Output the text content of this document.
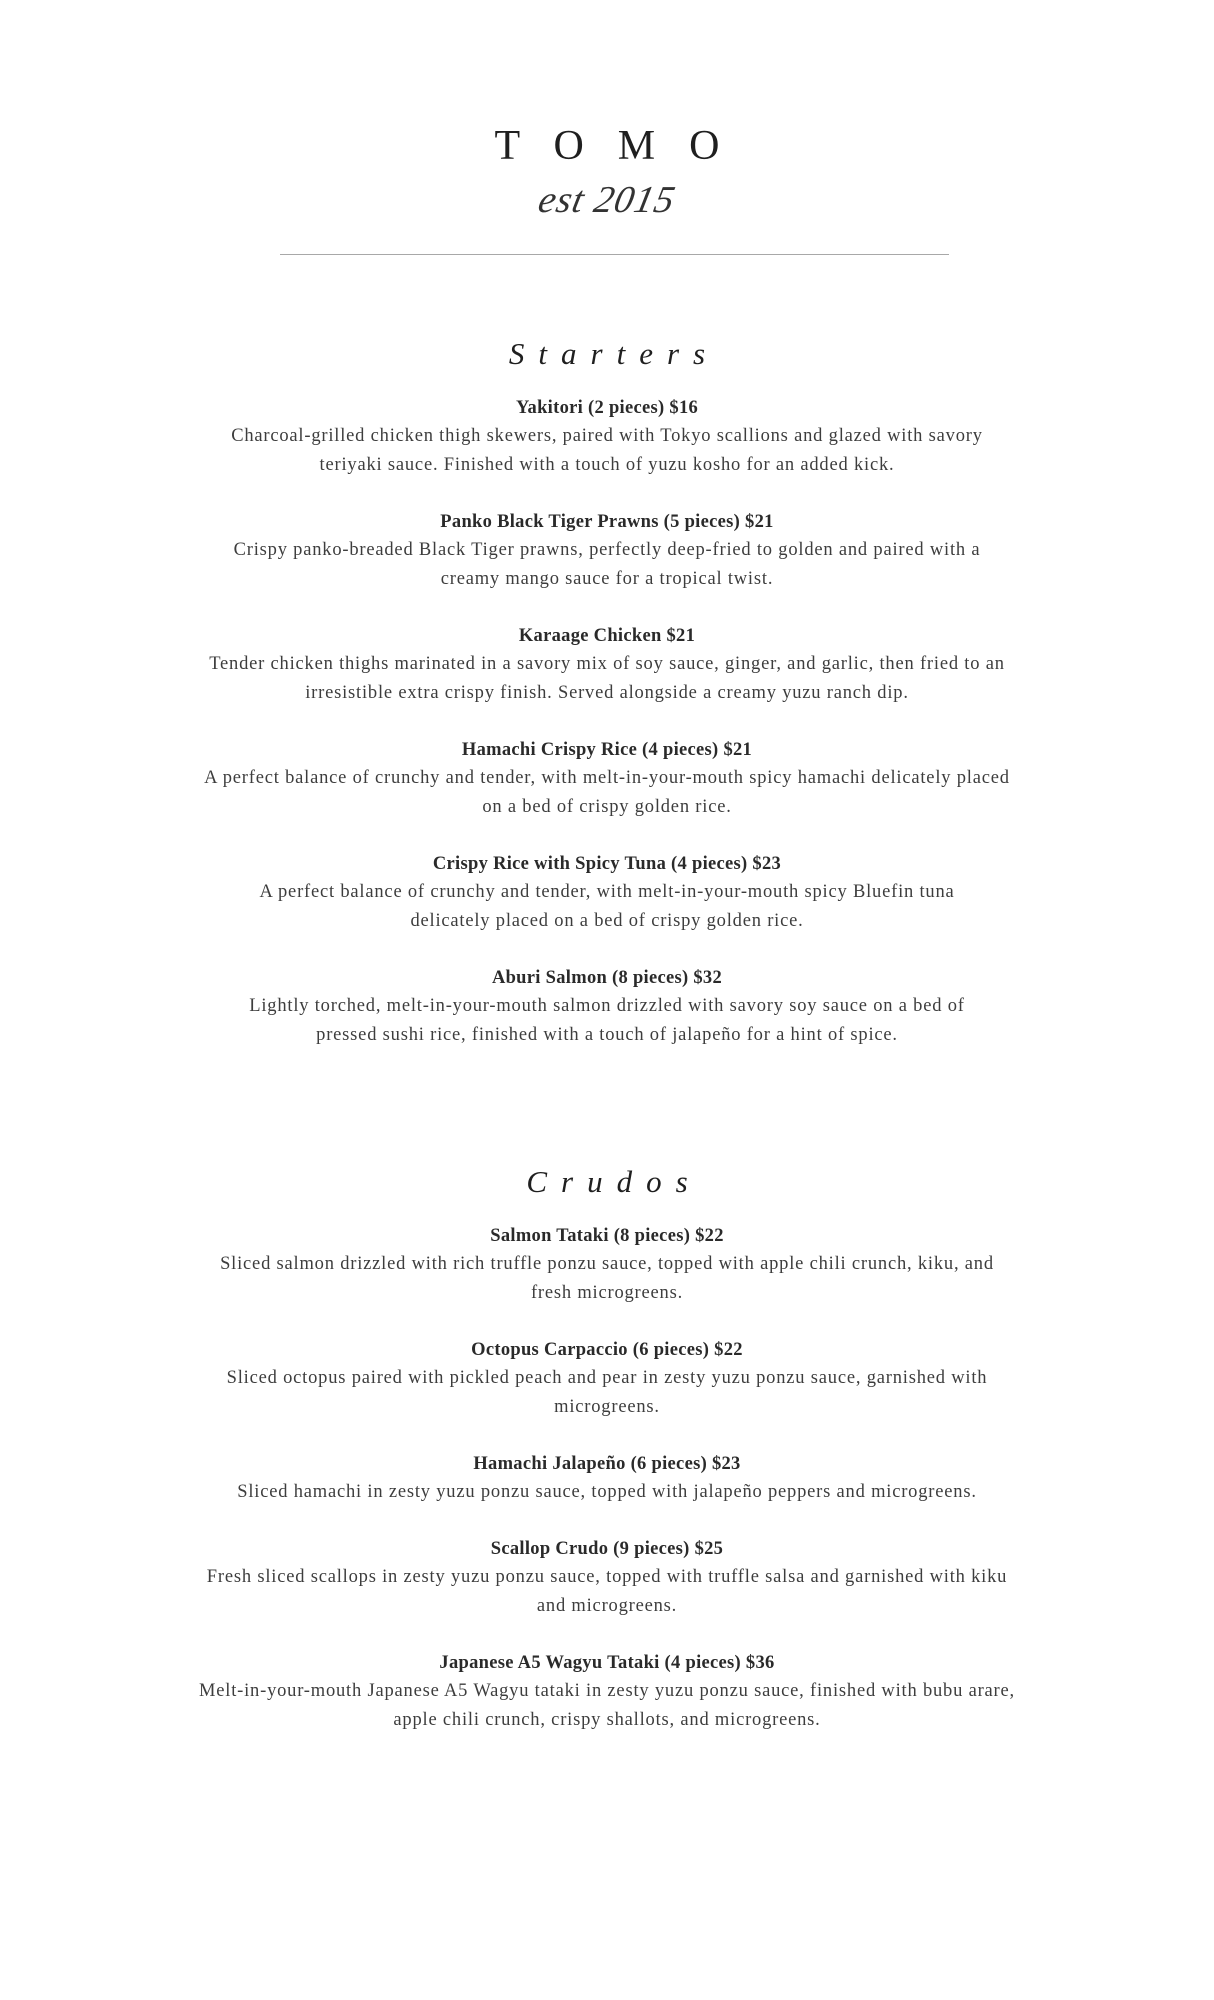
TOMO
est 2015
Starters
Yakitori (2 pieces) $16
Charcoal-grilled chicken thigh skewers, paired with Tokyo scallions and glazed with savory teriyaki sauce. Finished with a touch of yuzu kosho for an added kick.
Panko Black Tiger Prawns (5 pieces) $21
Crispy panko-breaded Black Tiger prawns, perfectly deep-fried to golden and paired with a creamy mango sauce for a tropical twist.
Karaage Chicken $21
Tender chicken thighs marinated in a savory mix of soy sauce, ginger, and garlic, then fried to an irresistible extra crispy finish. Served alongside a creamy yuzu ranch dip.
Hamachi Crispy Rice (4 pieces) $21
A perfect balance of crunchy and tender, with melt-in-your-mouth spicy hamachi delicately placed on a bed of crispy golden rice.
Crispy Rice with Spicy Tuna (4 pieces) $23
A perfect balance of crunchy and tender, with melt-in-your-mouth spicy Bluefin tuna delicately placed on a bed of crispy golden rice.
Aburi Salmon (8 pieces) $32
Lightly torched, melt-in-your-mouth salmon drizzled with savory soy sauce on a bed of pressed sushi rice, finished with a touch of jalapeño for a hint of spice.
Crudos
Salmon Tataki (8 pieces) $22
Sliced salmon drizzled with rich truffle ponzu sauce, topped with apple chili crunch, kiku, and fresh microgreens.
Octopus Carpaccio (6 pieces) $22
Sliced octopus paired with pickled peach and pear in zesty yuzu ponzu sauce, garnished with microgreens.
Hamachi Jalapeño (6 pieces) $23
Sliced hamachi in zesty yuzu ponzu sauce, topped with jalapeño peppers and microgreens.
Scallop Crudo (9 pieces) $25
Fresh sliced scallops in zesty yuzu ponzu sauce, topped with truffle salsa and garnished with kiku and microgreens.
Japanese A5 Wagyu Tataki (4 pieces) $36
Melt-in-your-mouth Japanese A5 Wagyu tataki in zesty yuzu ponzu sauce, finished with bubu arare, apple chili crunch, crispy shallots, and microgreens.
